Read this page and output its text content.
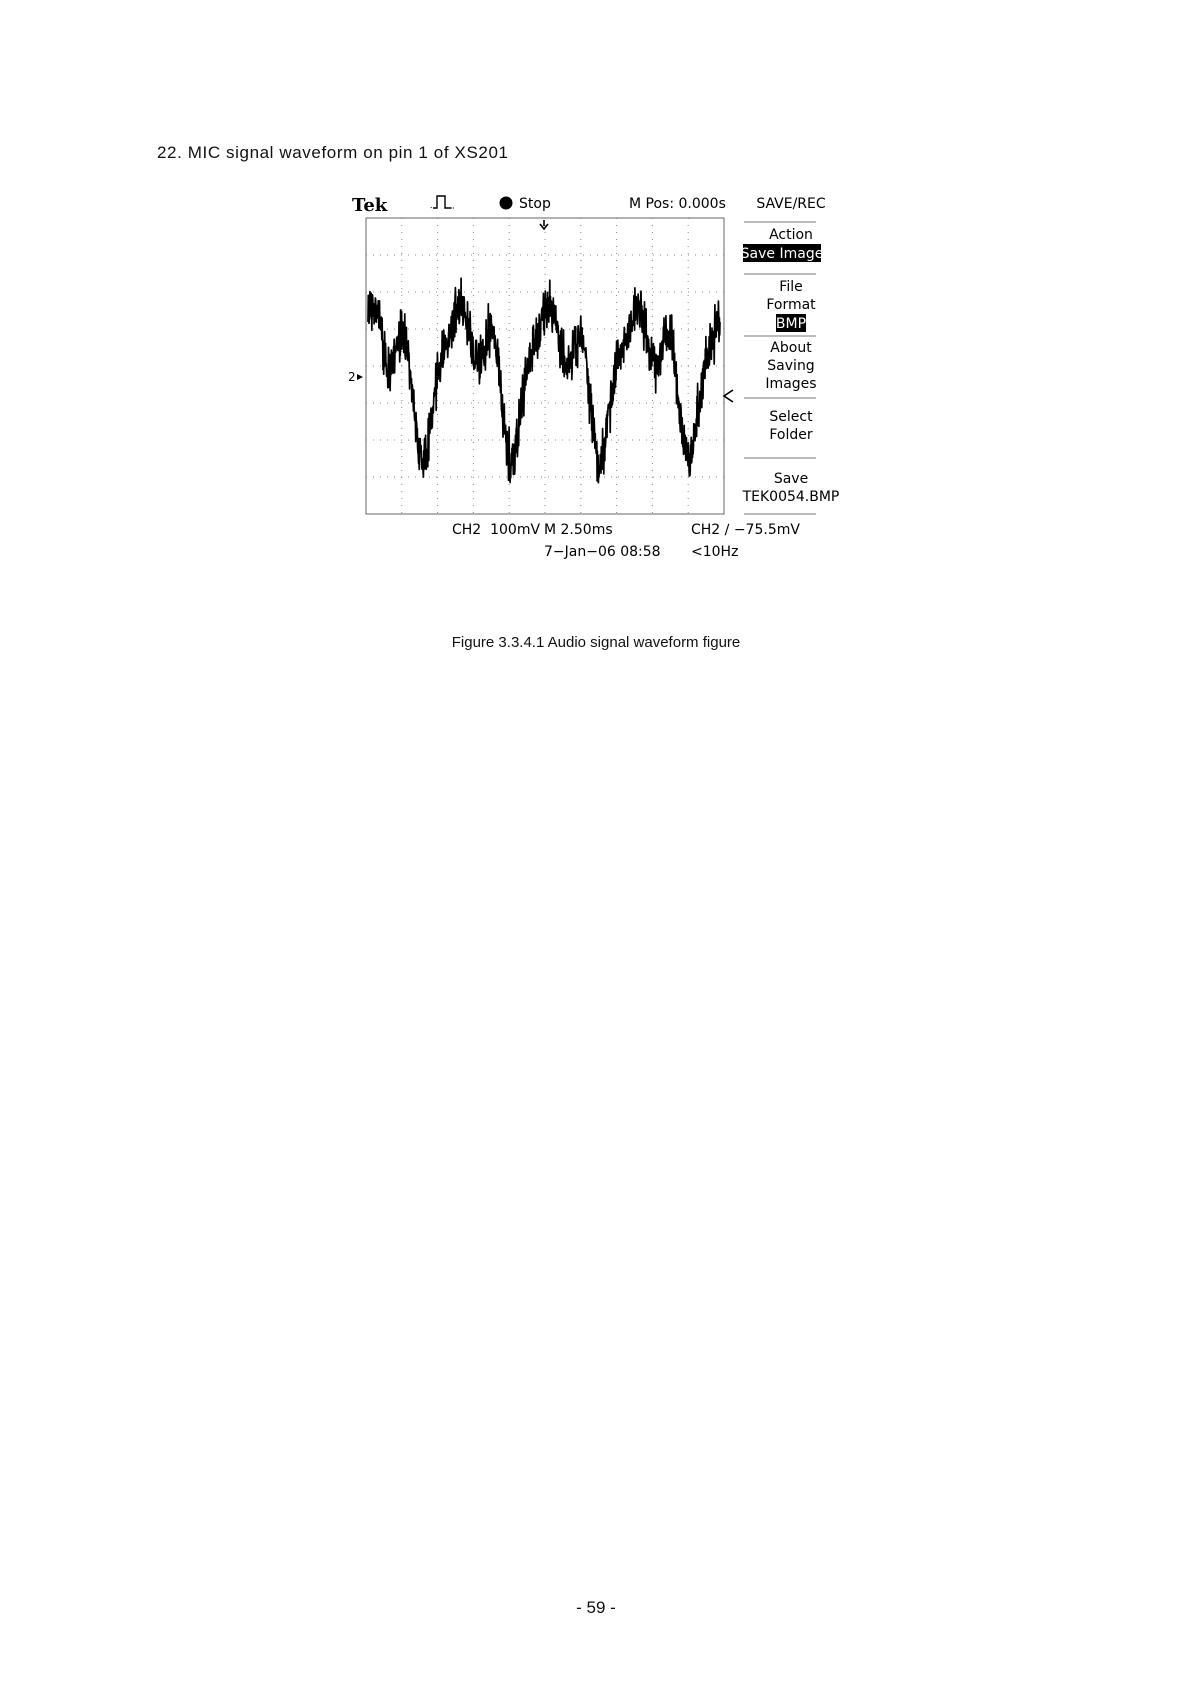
22. MIC signal waveform on pin 1 of XS201
Tek	Stop	M Pos: 0.000s
2
SAVE/REC
Action
Save Image
File
Format
BMP
About
Saving
Images
Select
Folder
Save
TEK0054.BMP
CH2  100mV M 2.50ms	CH2 ∕ −75.5mV
7−Jan−06 08:58 <10Hz
Figure 3.3.4.1 Audio signal waveform figure
- 59 -
